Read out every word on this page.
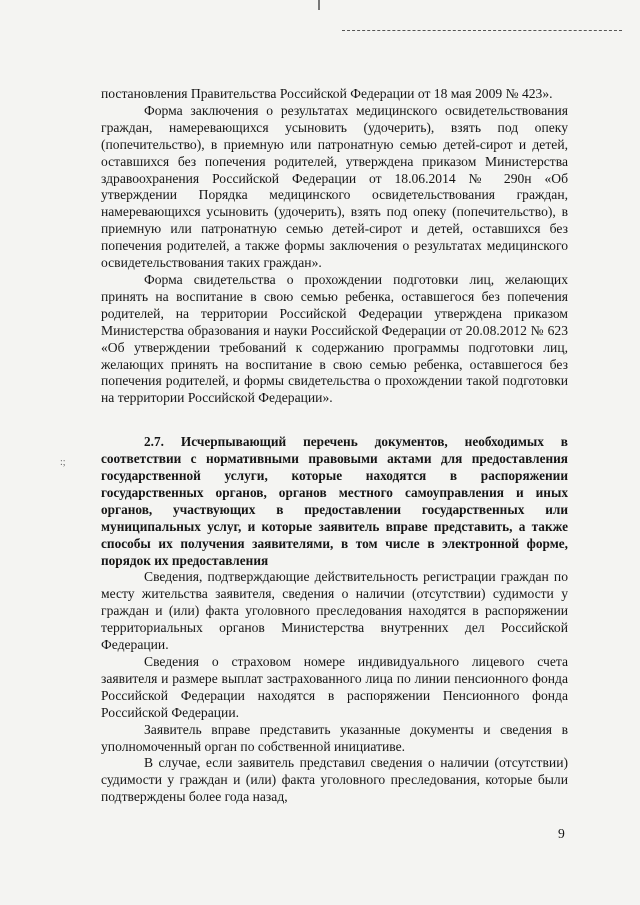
:;

постановления Правительства Российской Федерации от 18 мая 2009 № 423».

Форма заключения о результатах медицинского освидетельствования граждан, намеревающихся усыновить (удочерить), взять под опеку (попечительство), в приемную или патронатную семью детей-сирот и детей, оставшихся без попечения родителей, утверждена приказом Министерства здравоохранения Российской Федерации от 18.06.2014 № 290н «Об утверждении Порядка медицинского освидетельствования граждан, намеревающихся усыновить (удочерить), взять под опеку (попечительство), в приемную или патронатную семью детей-сирот и детей, оставшихся без попечения родителей, а также формы заключения о результатах медицинского освидетельствования таких граждан».

Форма свидетельства о прохождении подготовки лиц, желающих принять на воспитание в свою семью ребенка, оставшегося без попечения родителей, на территории Российской Федерации утверждена приказом Министерства образования и науки Российской Федерации от 20.08.2012 № 623 «Об утверждении требований к содержанию программы подготовки лиц, желающих принять на воспитание в свою семью ребенка, оставшегося без попечения родителей, и формы свидетельства о прохождении такой подготовки на территории Российской Федерации».

2.7. Исчерпывающий перечень документов, необходимых в соответствии с нормативными правовыми актами для предоставления государственной услуги, которые находятся в распоряжении государственных органов, органов местного самоуправления и иных органов, участвующих в предоставлении государственных или муниципальных услуг, и которые заявитель вправе представить, а также способы их получения заявителями, в том числе в электронной форме, порядок их предоставления

Сведения, подтверждающие действительность регистрации граждан по месту жительства заявителя, сведения о наличии (отсутствии) судимости у граждан и (или) факта уголовного преследования находятся в распоряжении территориальных органов Министерства внутренних дел Российской Федерации.

Сведения о страховом номере индивидуального лицевого счета заявителя и размере выплат застрахованного лица по линии пенсионного фонда Российской Федерации находятся в распоряжении Пенсионного фонда Российской Федерации.

Заявитель вправе представить указанные документы и сведения в уполномоченный орган по собственной инициативе.

В случае, если заявитель представил сведения о наличии (отсутствии) судимости у граждан и (или) факта уголовного преследования, которые были подтверждены более года назад,

9
